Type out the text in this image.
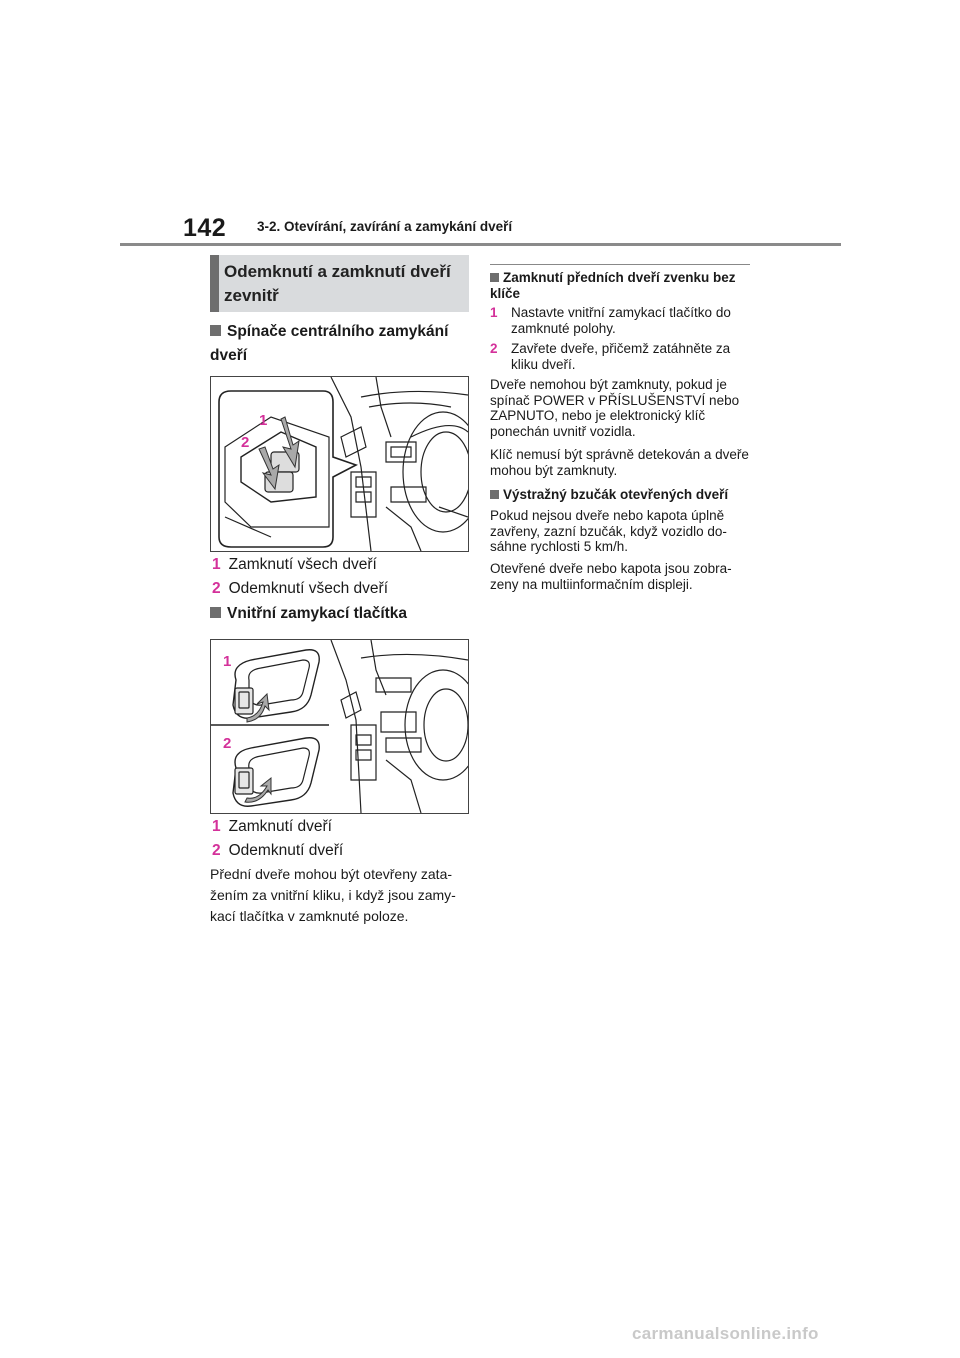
142 3-2. Otevírání, zavírání a zamykání dveří
Odemknutí a zamknutí dveří zevnitř
Spínače centrálního zamykání dveří
1
2
1 Zamknutí všech dveří
2 Odemknutí všech dveří
Vnitřní zamykací tlačítka
1
2
1 Zamknutí dveří
2 Odemknutí dveří
Přední dveře mohou být otevřeny zata- žením za vnitřní kliku, i když jsou zamy-kací tlačítka v zamknuté poloze.
Zamknutí předních dveří zvenku bez klíče
1 Nastavte vnitřní zamykací tlačítko do zamknuté polohy.
2 Zavřete dveře, přičemž zatáhněte za kliku dveří.
Dveře nemohou být zamknuty, pokud je spínač POWER v PŘÍSLUŠENSTVÍ nebo ZAPNUTO, nebo je elektronický klíč ponechán uvnitř vozidla.
Klíč nemusí být správně detekován a dveře mohou být zamknuty.
Výstražný bzučák otevřených dveří
Pokud nejsou dveře nebo kapota úplně zavřeny, zazní bzučák, když vozidlo do-sáhne rychlosti 5 km/h.
Otevřené dveře nebo kapota jsou zobra-zeny na multiinformačním displeji.
carmanualsonline.info
